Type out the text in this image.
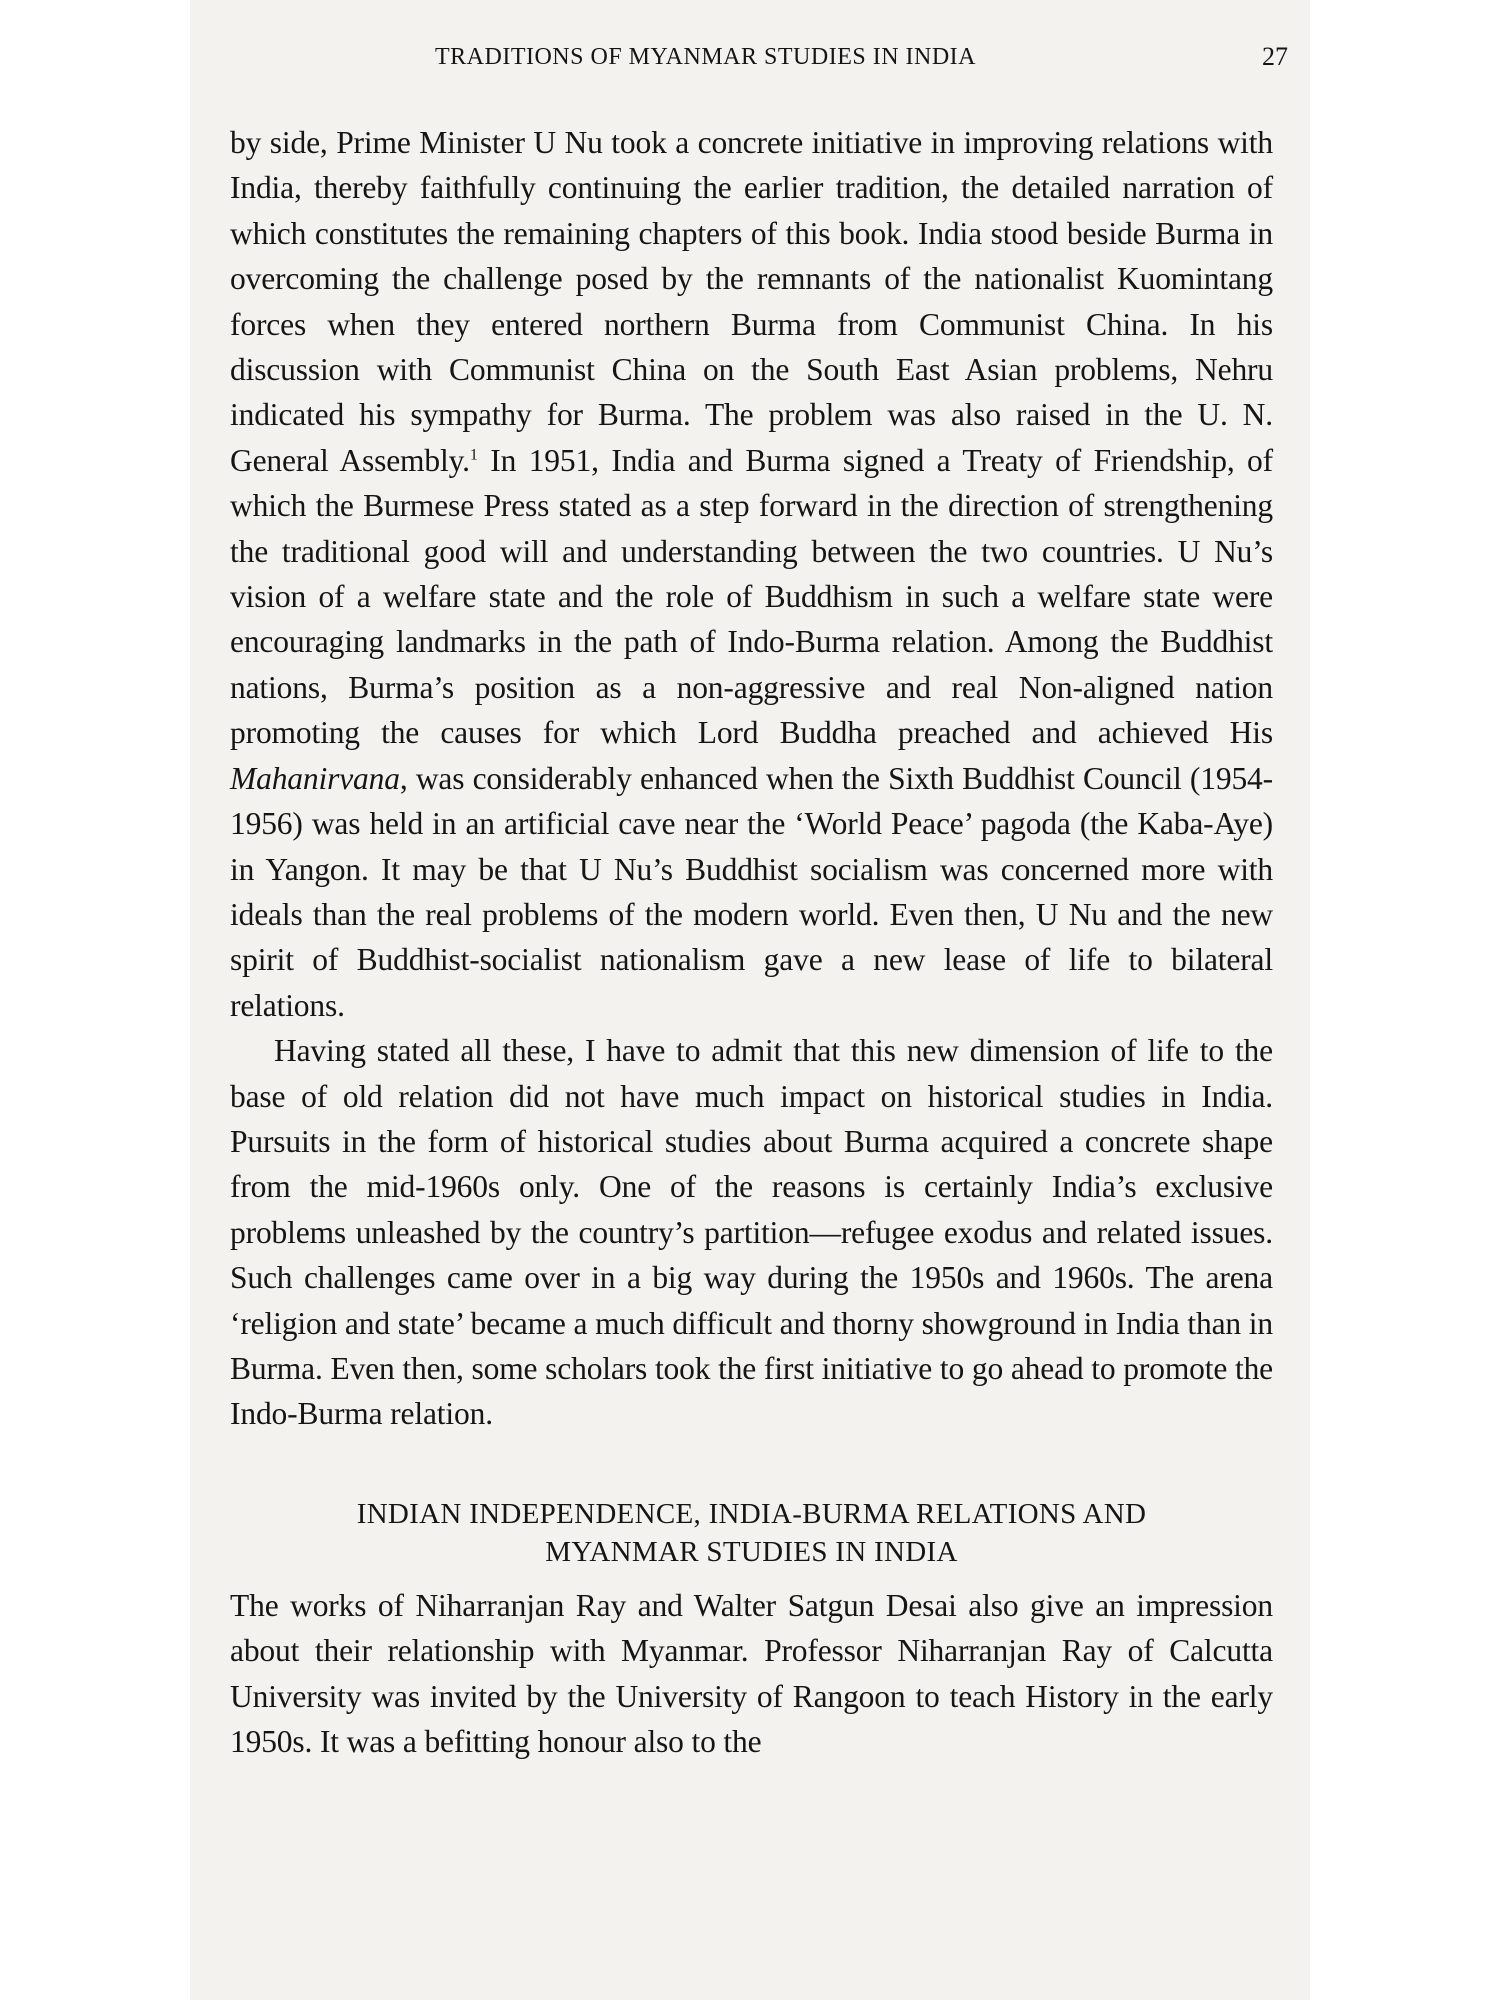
TRADITIONS OF MYANMAR STUDIES IN INDIA	27

by side, Prime Minister U Nu took a concrete initiative in improving relations with India, thereby faithfully continuing the earlier tradition, the detailed narration of which constitutes the remaining chapters of this book. India stood beside Burma in overcoming the challenge posed by the remnants of the nationalist Kuomintang forces when they entered northern Burma from Communist China. In his discussion with Communist China on the South East Asian problems, Nehru indicated his sympathy for Burma. The problem was also raised in the U. N. General Assembly.$^1$ In 1951, India and Burma signed a Treaty of Friendship, of which the Burmese Press stated as a step forward in the direction of strengthening the traditional good will and understanding between the two countries. U Nu’s vision of a welfare state and the role of Buddhism in such a welfare state were encouraging landmarks in the path of Indo-Burma relation. Among the Buddhist nations, Burma’s position as a non-aggressive and real Non-aligned nation promoting the causes for which Lord Buddha preached and achieved His Mahanirvana, was considerably enhanced when the Sixth Buddhist Council (1954-1956) was held in an artificial cave near the ‘World Peace’ pagoda (the Kaba-Aye) in Yangon. It may be that U Nu’s Buddhist socialism was concerned more with ideals than the real problems of the modern world. Even then, U Nu and the new spirit of Buddhist-socialist nationalism gave a new lease of life to bilateral relations.

Having stated all these, I have to admit that this new dimension of life to the base of old relation did not have much impact on historical studies in India. Pursuits in the form of historical studies about Burma acquired a concrete shape from the mid-1960s only. One of the reasons is certainly India’s exclusive problems unleashed by the country’s partition—refugee exodus and related issues. Such challenges came over in a big way during the 1950s and 1960s. The arena ‘religion and state’ became a much difficult and thorny showground in India than in Burma. Even then, some scholars took the first initiative to go ahead to promote the Indo-Burma relation.

INDIAN INDEPENDENCE, INDIA-BURMA RELATIONS AND
MYANMAR STUDIES IN INDIA

The works of Niharranjan Ray and Walter Satgun Desai also give an impression about their relationship with Myanmar. Professor Niharranjan Ray of Calcutta University was invited by the University of Rangoon to teach History in the early 1950s. It was a befitting honour also to the
